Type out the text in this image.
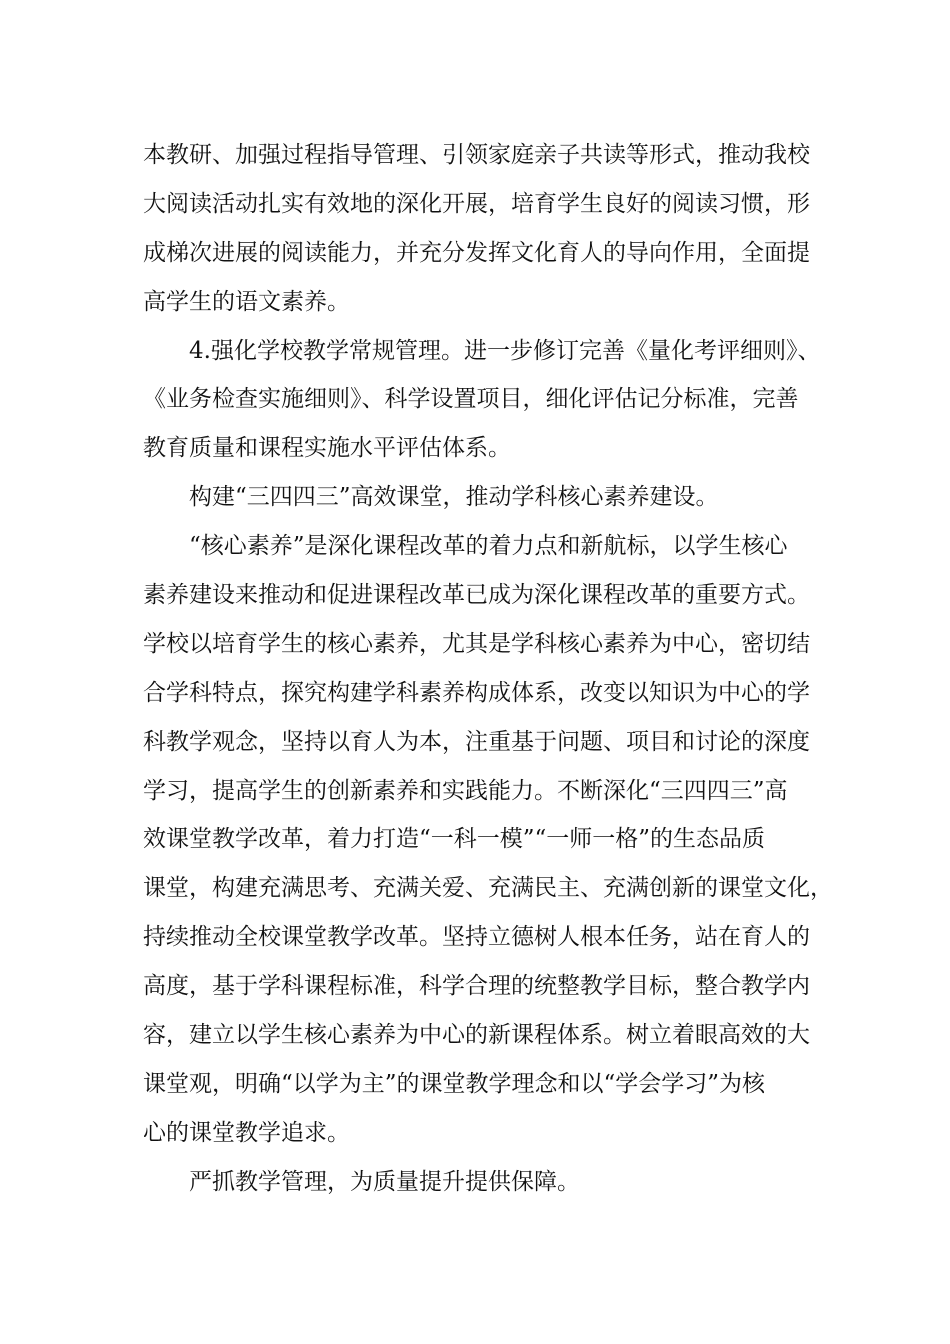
本教研、加强过程指导管理、引领家庭亲子共读等形式，推动我校
大阅读活动扎实有效地的深化开展，培育学生良好的阅读习惯，形
成梯次进展的阅读能力，并充分发挥文化育人的导向作用，全面提
高学生的语文素养。
4.强化学校教学常规管理。进一步修订完善《量化考评细则》、
《业务检查实施细则》、科学设置项目，细化评估记分标准，完善
教育质量和课程实施水平评估体系。
构建“三四四三”高效课堂，推动学科核心素养建设。
“核心素养”是深化课程改革的着力点和新航标，以学生核心
素养建设来推动和促进课程改革已成为深化课程改革的重要方式。
学校以培育学生的核心素养，尤其是学科核心素养为中心，密切结
合学科特点，探究构建学科素养构成体系，改变以知识为中心的学
科教学观念，坚持以育人为本，注重基于问题、项目和讨论的深度
学习，提高学生的创新素养和实践能力。不断深化“三四四三”高
效课堂教学改革，着力打造“一科一模”“一师一格”的生态品质
课堂，构建充满思考、充满关爱、充满民主、充满创新的课堂文化，
持续推动全校课堂教学改革。坚持立德树人根本任务，站在育人的
高度，基于学科课程标准，科学合理的统整教学目标，整合教学内
容，建立以学生核心素养为中心的新课程体系。树立着眼高效的大
课堂观，明确“以学为主”的课堂教学理念和以“学会学习”为核
心的课堂教学追求。
严抓教学管理，为质量提升提供保障。
